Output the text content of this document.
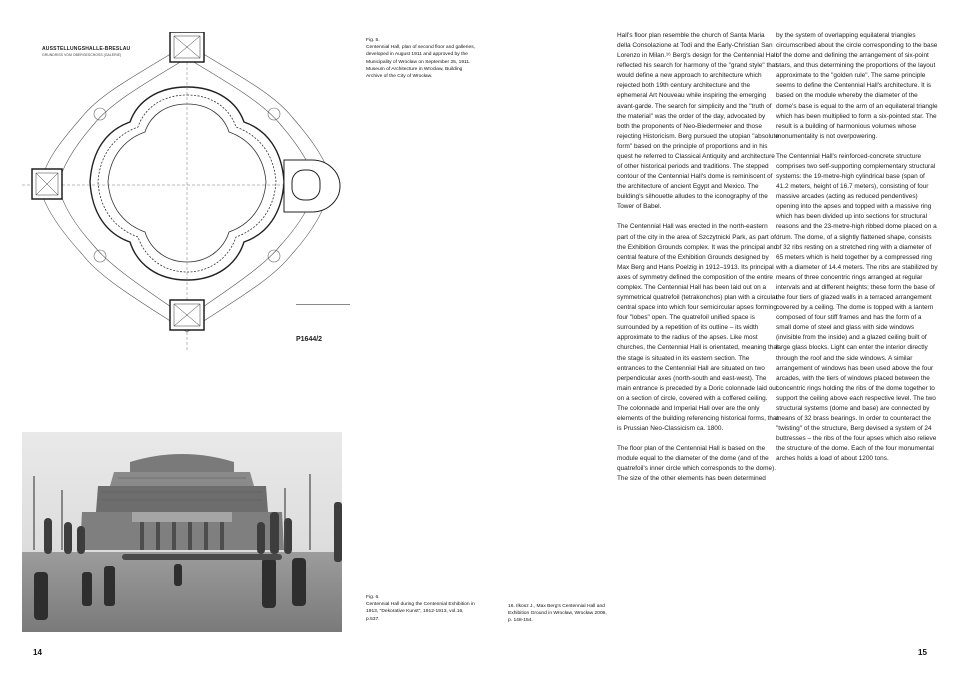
AUSSTELLUNGSHALLE-BRESLAU
GRUNDRISS VOM OBERGESCHOSS (GALERIE)
P1644/2
Fig. 5.
Centennial Hall, plan of second floor and galleries, developed in August 1911 and approved by the Municipality of Wrocław on September 25, 1911. Museum of Architecture in Wrocław, Building Archive of the City of Wrocław.
Fig. 6.
Centennial Hall during the Centennial Exhibition in 1913, "Dekorative Kunst", 1912-1913, vol.16, p.537.
14
16. Ilkosz J., Max Berg's Centennial Hall and Exhibition Ground in Wrocław, Wrocław 2006, p. 148-154.

Hall's floor plan resemble the church of Santa Maria della Consolazione at Todi and the Early-Christian San Lorenzo in Milan.¹⁶ Berg's design for the Centennial Hall reflected his search for harmony of the "grand style" that would define a new approach to architecture which rejected both 19th century architecture and the ephemeral Art Nouveau while inspiring the emerging avant-garde. The search for simplicity and the "truth of the material" was the order of the day, advocated by both the proponents of Neo-Biedermeier and those rejecting Historicism. Berg pursued the utopian "absolute form" based on the principle of proportions and in his quest he referred to Classical Antiquity and architecture of other historical periods and traditions. The stepped contour of the Centennial Hall's dome is reminiscent of the architecture of ancient Egypt and Mexico. The building's silhouette alludes to the iconography of the Tower of Babel.

The Centennial Hall was erected in the north-eastern part of the city in the area of Szczytnicki Park, as part of the Exhibition Grounds complex. It was the principal and central feature of the Exhibition Grounds designed by Max Berg and Hans Poelzig in 1912–1913. Its principal axes of symmetry defined the composition of the entire complex. The Centennial Hall has been laid out on a symmetrical quatrefoil (tetrakonchos) plan with a circular central space into which four semicircular apses forming four "lobes" open. The quatrefoil unified space is surrounded by a repetition of its outline – its width approximate to the radius of the apses. Like most churches, the Centennial Hall is orientated, meaning that the stage is situated in its eastern section. The entrances to the Centennial Hall are situated on two perpendicular axes (north-south and east-west). The main entrance is preceded by a Doric colonnade laid out on a section of circle, covered with a coffered ceiling. The colonnade and Imperial Hall over are the only elements of the building referencing historical forms, that is Prussian Neo-Classicism ca. 1800.

The floor plan of the Centennial Hall is based on the module equal to the diameter of the dome (and of the quatrefoil's inner circle which corresponds to the dome). The size of the other elements has been determined

by the system of overlapping equilateral triangles circumscribed about the circle corresponding to the base of the dome and defining the arrangement of six-point stars, and thus determining the proportions of the layout approximate to the "golden rule". The same principle seems to define the Centennial Hall's architecture. It is based on the module whereby the diameter of the dome's base is equal to the arm of an equilateral triangle which has been multiplied to form a six-pointed star. The result is a building of harmonious volumes whose monumentality is not overpowering.

The Centennial Hall's reinforced-concrete structure comprises two self-supporting complementary structural systems: the 19-metre-high cylindrical base (span of 41.2 meters, height of 16.7 meters), consisting of four massive arcades (acting as reduced pendentives) opening into the apses and topped with a massive ring which has been divided up into sections for structural reasons and the 23-metre-high ribbed dome placed on a drum. The dome, of a slightly flattened shape, consists of 32 ribs resting on a stretched ring with a diameter of 65 meters which is held together by a compressed ring with a diameter of 14.4 meters. The ribs are stabilized by means of three concentric rings arranged at regular intervals and at different heights; these form the base of the four tiers of glazed walls in a terraced arrangement covered by a ceiling. The dome is topped with a lantern composed of four stiff frames and has the form of a small dome of steel and glass with side windows (invisible from the inside) and a glazed ceiling built of large glass blocks. Light can enter the interior directly through the roof and the side windows. A similar arrangement of windows has been used above the four arcades, with the tiers of windows placed between the concentric rings holding the ribs of the dome together to support the ceiling above each respective level. The two structural systems (dome and base) are connected by means of 32 brass bearings. In order to counteract the "twisting" of the structure, Berg devised a system of 24 buttresses – the ribs of the four apses which also relieve the structure of the dome. Each of the four monumental arches holds a load of about 1200 tons.

15
